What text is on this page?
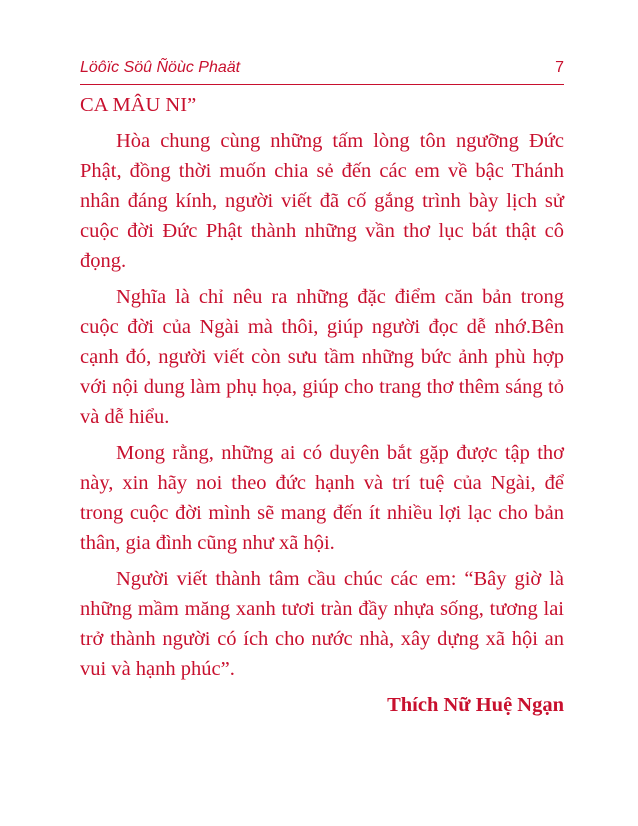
Löôïc Söû Ñöùc Phaät	7

CA MÂU NI”

Hòa chung cùng những tấm lòng tôn ngưỡng Đức Phật, đồng thời muốn chia sẻ đến các em về bậc Thánh nhân đáng kính, người viết đã cố gắng trình bày lịch sử cuộc đời Đức Phật thành những vần thơ lục bát thật cô đọng.

Nghĩa là chỉ nêu ra những đặc điểm căn bản trong cuộc đời của Ngài mà thôi, giúp người đọc dễ nhớ.Bên cạnh đó, người viết còn sưu tầm những bức ảnh phù hợp với nội dung làm phụ họa, giúp cho trang thơ thêm sáng tỏ và dễ hiểu.

Mong rằng, những ai có duyên bắt gặp được tập thơ này, xin hãy noi theo đức hạnh và trí tuệ của Ngài, để trong cuộc đời mình sẽ mang đến ít nhiều lợi lạc cho bản thân, gia đình cũng như xã hội.

Người viết thành tâm cầu chúc các em: “Bây giờ là những mầm măng xanh tươi tràn đầy nhựa sống, tương lai trở thành người có ích cho nước nhà, xây dựng xã hội an vui và hạnh phúc”.

Thích Nữ Huệ Ngạn
